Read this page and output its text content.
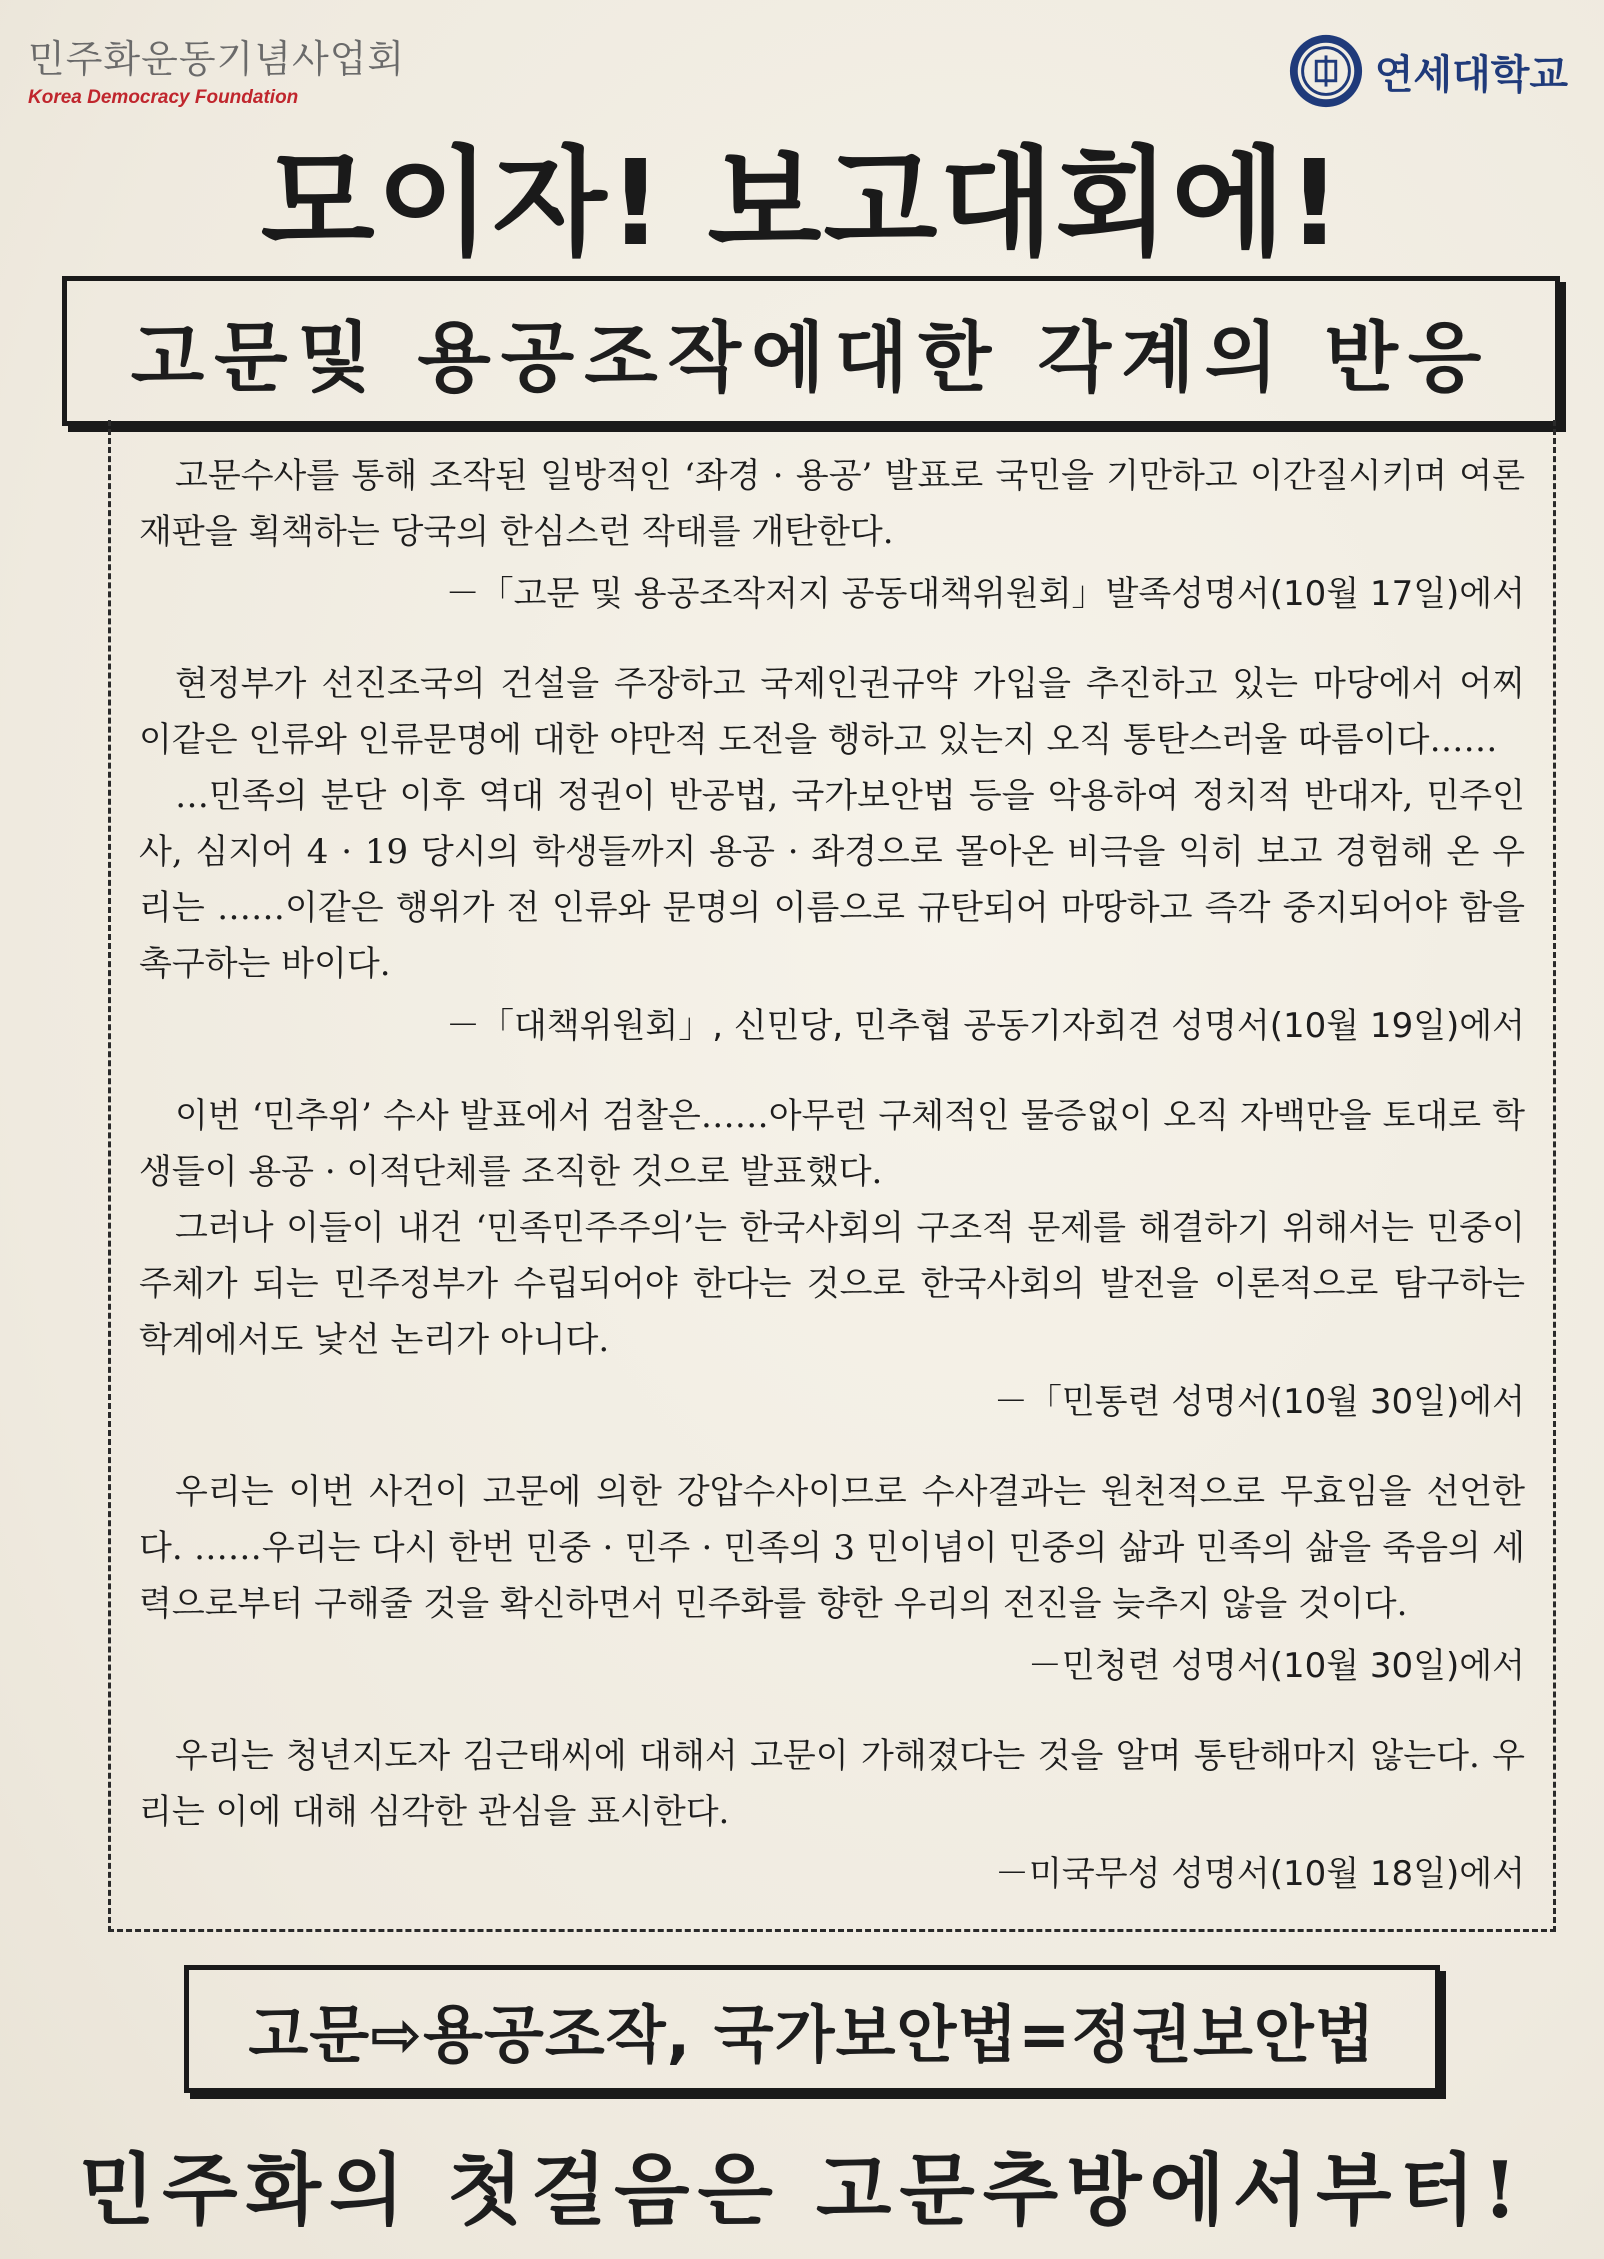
민주화운동기념사업회
Korea Democracy Foundation	연세대학교
모이자! 보고대회에!
고문및 용공조작에대한 각계의 반응

고문수사를 통해 조작된 일방적인 ‘좌경 · 용공’ 발표로 국민을 기만하고 이간질시키며 여론재판을 획책하는 당국의 한심스런 작태를 개탄한다.

－「고문 및 용공조작저지 공동대책위원회」발족성명서(10월 17일)에서

현정부가 선진조국의 건설을 주장하고 국제인권규약 가입을 추진하고 있는 마당에서 어찌 이같은 인류와 인류문명에 대한 야만적 도전을 행하고 있는지 오직 통탄스러울 따름이다……

…민족의 분단 이후 역대 정권이 반공법, 국가보안법 등을 악용하여 정치적 반대자, 민주인사, 심지어 4 · 19 당시의 학생들까지 용공 · 좌경으로 몰아온 비극을 익히 보고 경험해 온 우리는 ……이같은 행위가 전 인류와 문명의 이름으로 규탄되어 마땅하고 즉각 중지되어야 함을 촉구하는 바이다.

－「대책위원회」, 신민당, 민추협 공동기자회견 성명서(10월 19일)에서

이번 ‘민추위’ 수사 발표에서 검찰은……아무런 구체적인 물증없이 오직 자백만을 토대로 학생들이 용공 · 이적단체를 조직한 것으로 발표했다.

그러나 이들이 내건 ‘민족민주주의’는 한국사회의 구조적 문제를 해결하기 위해서는 민중이 주체가 되는 민주정부가 수립되어야 한다는 것으로 한국사회의 발전을 이론적으로 탐구하는 학계에서도 낯선 논리가 아니다.

－「민통련 성명서(10월 30일)에서

우리는 이번 사건이 고문에 의한 강압수사이므로 수사결과는 원천적으로 무효임을 선언한다. ……우리는 다시 한번 민중 · 민주 · 민족의 3 민이념이 민중의 삶과 민족의 삶을 죽음의 세력으로부터 구해줄 것을 확신하면서 민주화를 향한 우리의 전진을 늦추지 않을 것이다.

－민청련 성명서(10월 30일)에서

우리는 청년지도자 김근태씨에 대해서 고문이 가해졌다는 것을 알며 통탄해마지 않는다. 우리는 이에 대해 심각한 관심을 표시한다.

－미국무성 성명서(10월 18일)에서

고문⇨용공조작, 국가보안법=정권보안법
민주화의 첫걸음은 고문추방에서부터!
